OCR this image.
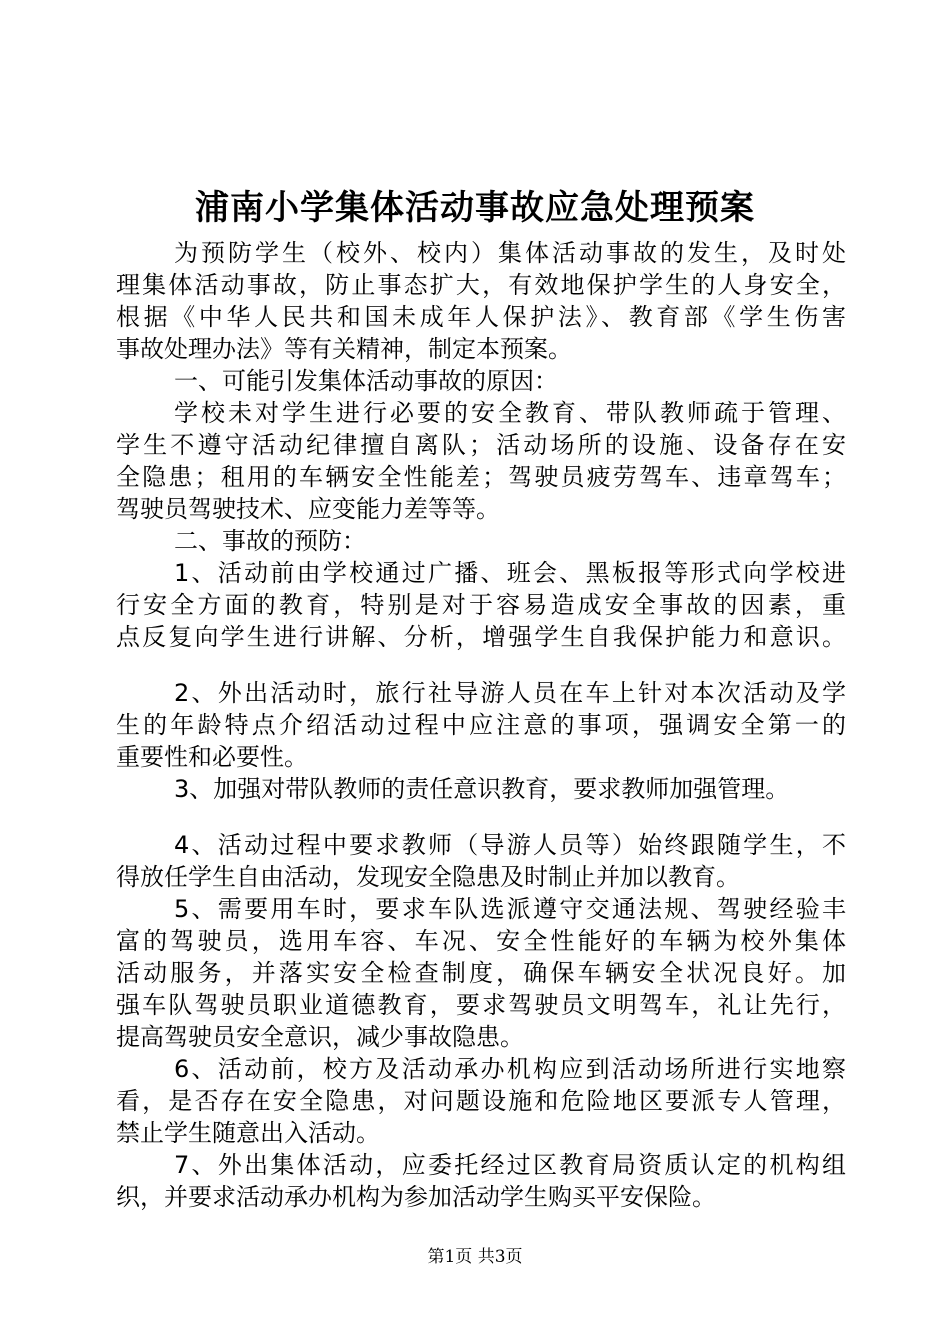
浦南小学集体活动事故应急处理预案
为预防学生（校外、校内）集体活动事故的发生，及时处
理集体活动事故，防止事态扩大，有效地保护学生的人身安全，
根据《中华人民共和国未成年人保护法》、教育部《学生伤害
事故处理办法》等有关精神，制定本预案。
一、可能引发集体活动事故的原因：
学校未对学生进行必要的安全教育、带队教师疏于管理、
学生不遵守活动纪律擅自离队；活动场所的设施、设备存在安
全隐患；租用的车辆安全性能差；驾驶员疲劳驾车、违章驾车；
驾驶员驾驶技术、应变能力差等等。
二、事故的预防：
1、活动前由学校通过广播、班会、黑板报等形式向学校进
行安全方面的教育，特别是对于容易造成安全事故的因素，重
点反复向学生进行讲解、分析，增强学生自我保护能力和意识。
2、外出活动时，旅行社导游人员在车上针对本次活动及学
生的年龄特点介绍活动过程中应注意的事项，强调安全第一的
重要性和必要性。
3、加强对带队教师的责任意识教育，要求教师加强管理。
4、活动过程中要求教师（导游人员等）始终跟随学生，不
得放任学生自由活动，发现安全隐患及时制止并加以教育。
5、需要用车时，要求车队选派遵守交通法规、驾驶经验丰
富的驾驶员，选用车容、车况、安全性能好的车辆为校外集体
活动服务，并落实安全检查制度，确保车辆安全状况良好。加
强车队驾驶员职业道德教育，要求驾驶员文明驾车，礼让先行，
提高驾驶员安全意识，减少事故隐患。
6、活动前，校方及活动承办机构应到活动场所进行实地察
看，是否存在安全隐患，对问题设施和危险地区要派专人管理，
禁止学生随意出入活动。
7、外出集体活动，应委托经过区教育局资质认定的机构组
织，并要求活动承办机构为参加活动学生购买平安保险。
第1页 共3页
